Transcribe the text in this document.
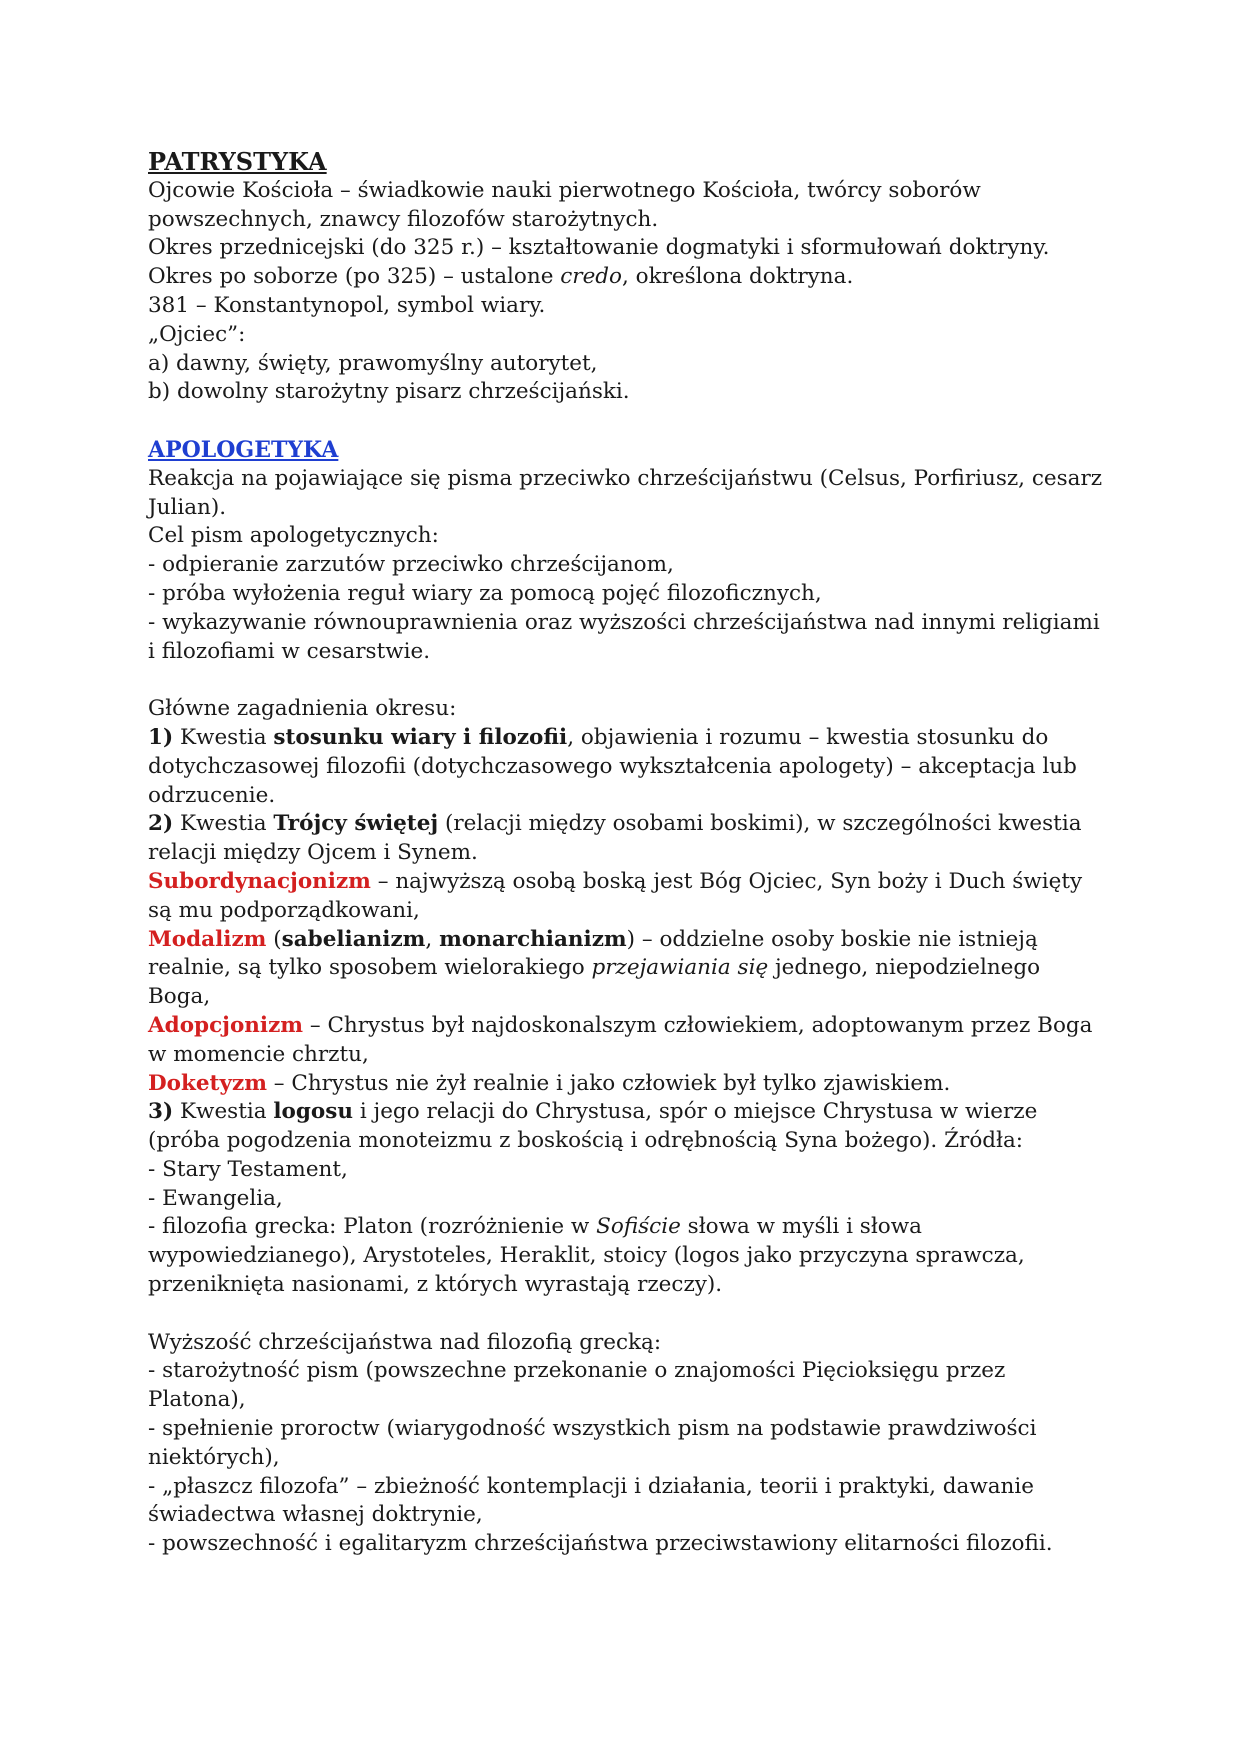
PATRYSTYKA

Ojcowie Kościoła – świadkowie nauki pierwotnego Kościoła, twórcy soborów powszechnych, znawcy filozofów starożytnych.

Okres przednicejski (do 325 r.) – kształtowanie dogmatyki i sformułowań doktryny.

Okres po soborze (po 325) – ustalone credo, określona doktryna.

381 – Konstantynopol, symbol wiary.

„Ojciec”:

a) dawny, święty, prawomyślny autorytet,

b) dowolny starożytny pisarz chrześcijański.

APOLOGETYKA

Reakcja na pojawiające się pisma przeciwko chrześcijaństwu (Celsus, Porfiriusz, cesarz Julian).

Cel pism apologetycznych:

- odpieranie zarzutów przeciwko chrześcijanom,

- próba wyłożenia reguł wiary za pomocą pojęć filozoficznych,

- wykazywanie równouprawnienia oraz wyższości chrześcijaństwa nad innymi religiami i filozofiami w cesarstwie.

Główne zagadnienia okresu:

1) Kwestia stosunku wiary i filozofii, objawienia i rozumu – kwestia stosunku do dotychczasowej filozofii (dotychczasowego wykształcenia apologety) – akceptacja lub odrzucenie.

2) Kwestia Trójcy świętej (relacji między osobami boskimi), w szczególności kwestia relacji między Ojcem i Synem.

Subordynacjonizm – najwyższą osobą boską jest Bóg Ojciec, Syn boży i Duch święty są mu podporządkowani,

Modalizm (sabelianizm, monarchianizm) – oddzielne osoby boskie nie istnieją realnie, są tylko sposobem wielorakiego przejawiania się jednego, niepodzielnego Boga,

Adopcjonizm – Chrystus był najdoskonalszym człowiekiem, adoptowanym przez Boga w momencie chrztu,

Doketyzm – Chrystus nie żył realnie i jako człowiek był tylko zjawiskiem.

3) Kwestia logosu i jego relacji do Chrystusa, spór o miejsce Chrystusa w wierze (próba pogodzenia monoteizmu z boskością i odrębnością Syna bożego). Źródła:

- Stary Testament,

- Ewangelia,

- filozofia grecka: Platon (rozróżnienie w Sofiście słowa w myśli i słowa wypowiedzianego), Arystoteles, Heraklit, stoicy (logos jako przyczyna sprawcza, przeniknięta nasionami, z których wyrastają rzeczy).

Wyższość chrześcijaństwa nad filozofią grecką:

- starożytność pism (powszechne przekonanie o znajomości Pięcioksięgu przez Platona),

- spełnienie proroctw (wiarygodność wszystkich pism na podstawie prawdziwości niektórych),

- „płaszcz filozofa” – zbieżność kontemplacji i działania, teorii i praktyki, dawanie świadectwa własnej doktrynie,

- powszechność i egalitaryzm chrześcijaństwa przeciwstawiony elitarności filozofii.
